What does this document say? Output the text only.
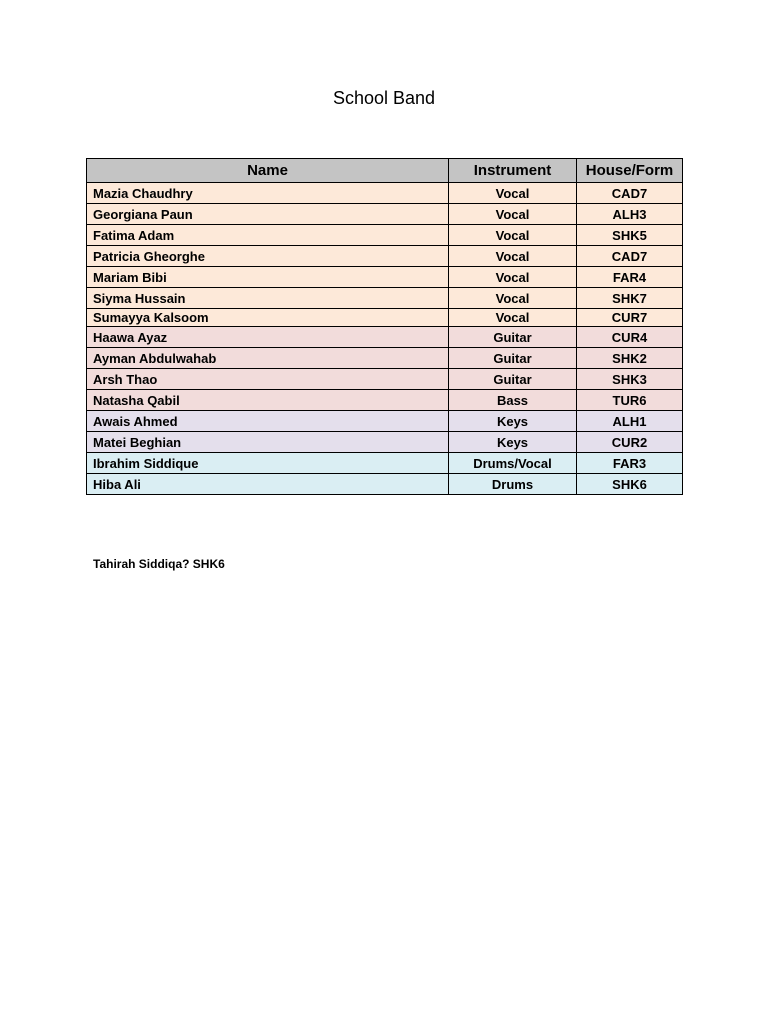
School Band
Name	Instrument	House/Form
Mazia Chaudhry	Vocal	CAD7
Georgiana Paun	Vocal	ALH3
Fatima Adam	Vocal	SHK5
Patricia Gheorghe	Vocal	CAD7
Mariam Bibi	Vocal	FAR4
Siyma Hussain	Vocal	SHK7
Sumayya Kalsoom	Vocal	CUR7
Haawa Ayaz	Guitar	CUR4
Ayman Abdulwahab	Guitar	SHK2
Arsh Thao	Guitar	SHK3
Natasha Qabil	Bass	TUR6
Awais Ahmed	Keys	ALH1
Matei Beghian	Keys	CUR2
Ibrahim Siddique	Drums/Vocal	FAR3
Hiba Ali	Drums	SHK6
Tahirah Siddiqa? SHK6
